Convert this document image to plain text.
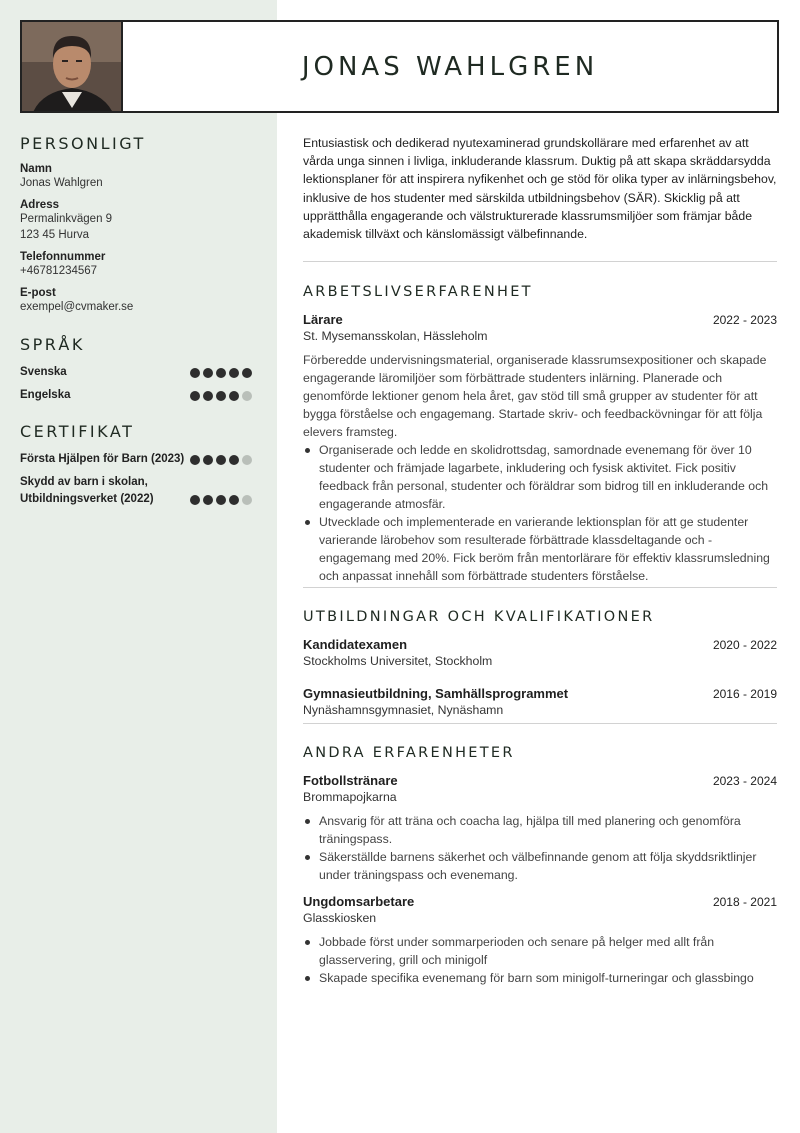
JONAS WAHLGREN
PERSONLIGT
Namn
Jonas Wahlgren
Adress
Permalinkvägen 9
123 45 Hurva
Telefonnummer
+46781234567
E-post
exempel@cvmaker.se
SPRÅK
Svenska
Engelska
CERTIFIKAT
Första Hjälpen för Barn (2023)
Skydd av barn i skolan, Utbildningsverket (2022)

Entusiastisk och dedikerad nyutexaminerad grundskollärare med erfarenhet av att vårda unga sinnen i livliga, inkluderande klassrum. Duktig på att skapa skräddarsydda lektionsplaner för att inspirera nyfikenhet och ge stöd för olika typer av inlärningsbehov, inklusive de hos studenter med särskilda utbildningsbehov (SÄR). Skicklig på att upprätthålla engagerande och välstrukturerade klassrumsmiljöer som främjar både akademisk tillväxt och känslomässigt välbefinnande.

ARBETSLIVSERFARENHET
Lärare	2022 - 2023
St. Mysemansskolan, Hässleholm
Förberedde undervisningsmaterial, organiserade klassrumsexpositioner och skapade engagerande läromiljöer som förbättrade studenters inlärning. Planerade och genomförde lektioner genom hela året, gav stöd till små grupper av studenter för att bygga förståelse och engagemang. Startade skriv- och feedbackövningar för att följa elevers framsteg.
Organiserade och ledde en skolidrottsdag, samordnade evenemang för över 10 studenter och främjade lagarbete, inkludering och fysisk aktivitet. Fick positiv feedback från personal, studenter och föräldrar som bidrog till en inkluderande och engagerande atmosfär.
Utvecklade och implementerade en varierande lektionsplan för att ge studenter varierande lärobehov som resulterade förbättrade klassdeltagande och -engagemang med 20%. Fick beröm från mentorlärare för effektiv klassrumsledning och anpassat innehåll som förbättrade studenters förståelse.
UTBILDNINGAR OCH KVALIFIKATIONER
Kandidatexamen	2020 - 2022
Stockholms Universitet, Stockholm
Gymnasieutbildning, Samhällsprogrammet	2016 - 2019
Nynäshamnsgymnasiet, Nynäshamn
ANDRA ERFARENHETER
Fotbollstränare	2023 - 2024
Brommapojkarna
Ansvarig för att träna och coacha lag, hjälpa till med planering och genomföra träningspass.
Säkerställde barnens säkerhet och välbefinnande genom att följa skyddsriktlinjer under träningspass och evenemang.
Ungdomsarbetare	2018 - 2021
Glasskiosken
Jobbade först under sommarperioden och senare på helger med allt från glasservering, grill och minigolf
Skapade specifika evenemang för barn som minigolf-turneringar och glassbingo
